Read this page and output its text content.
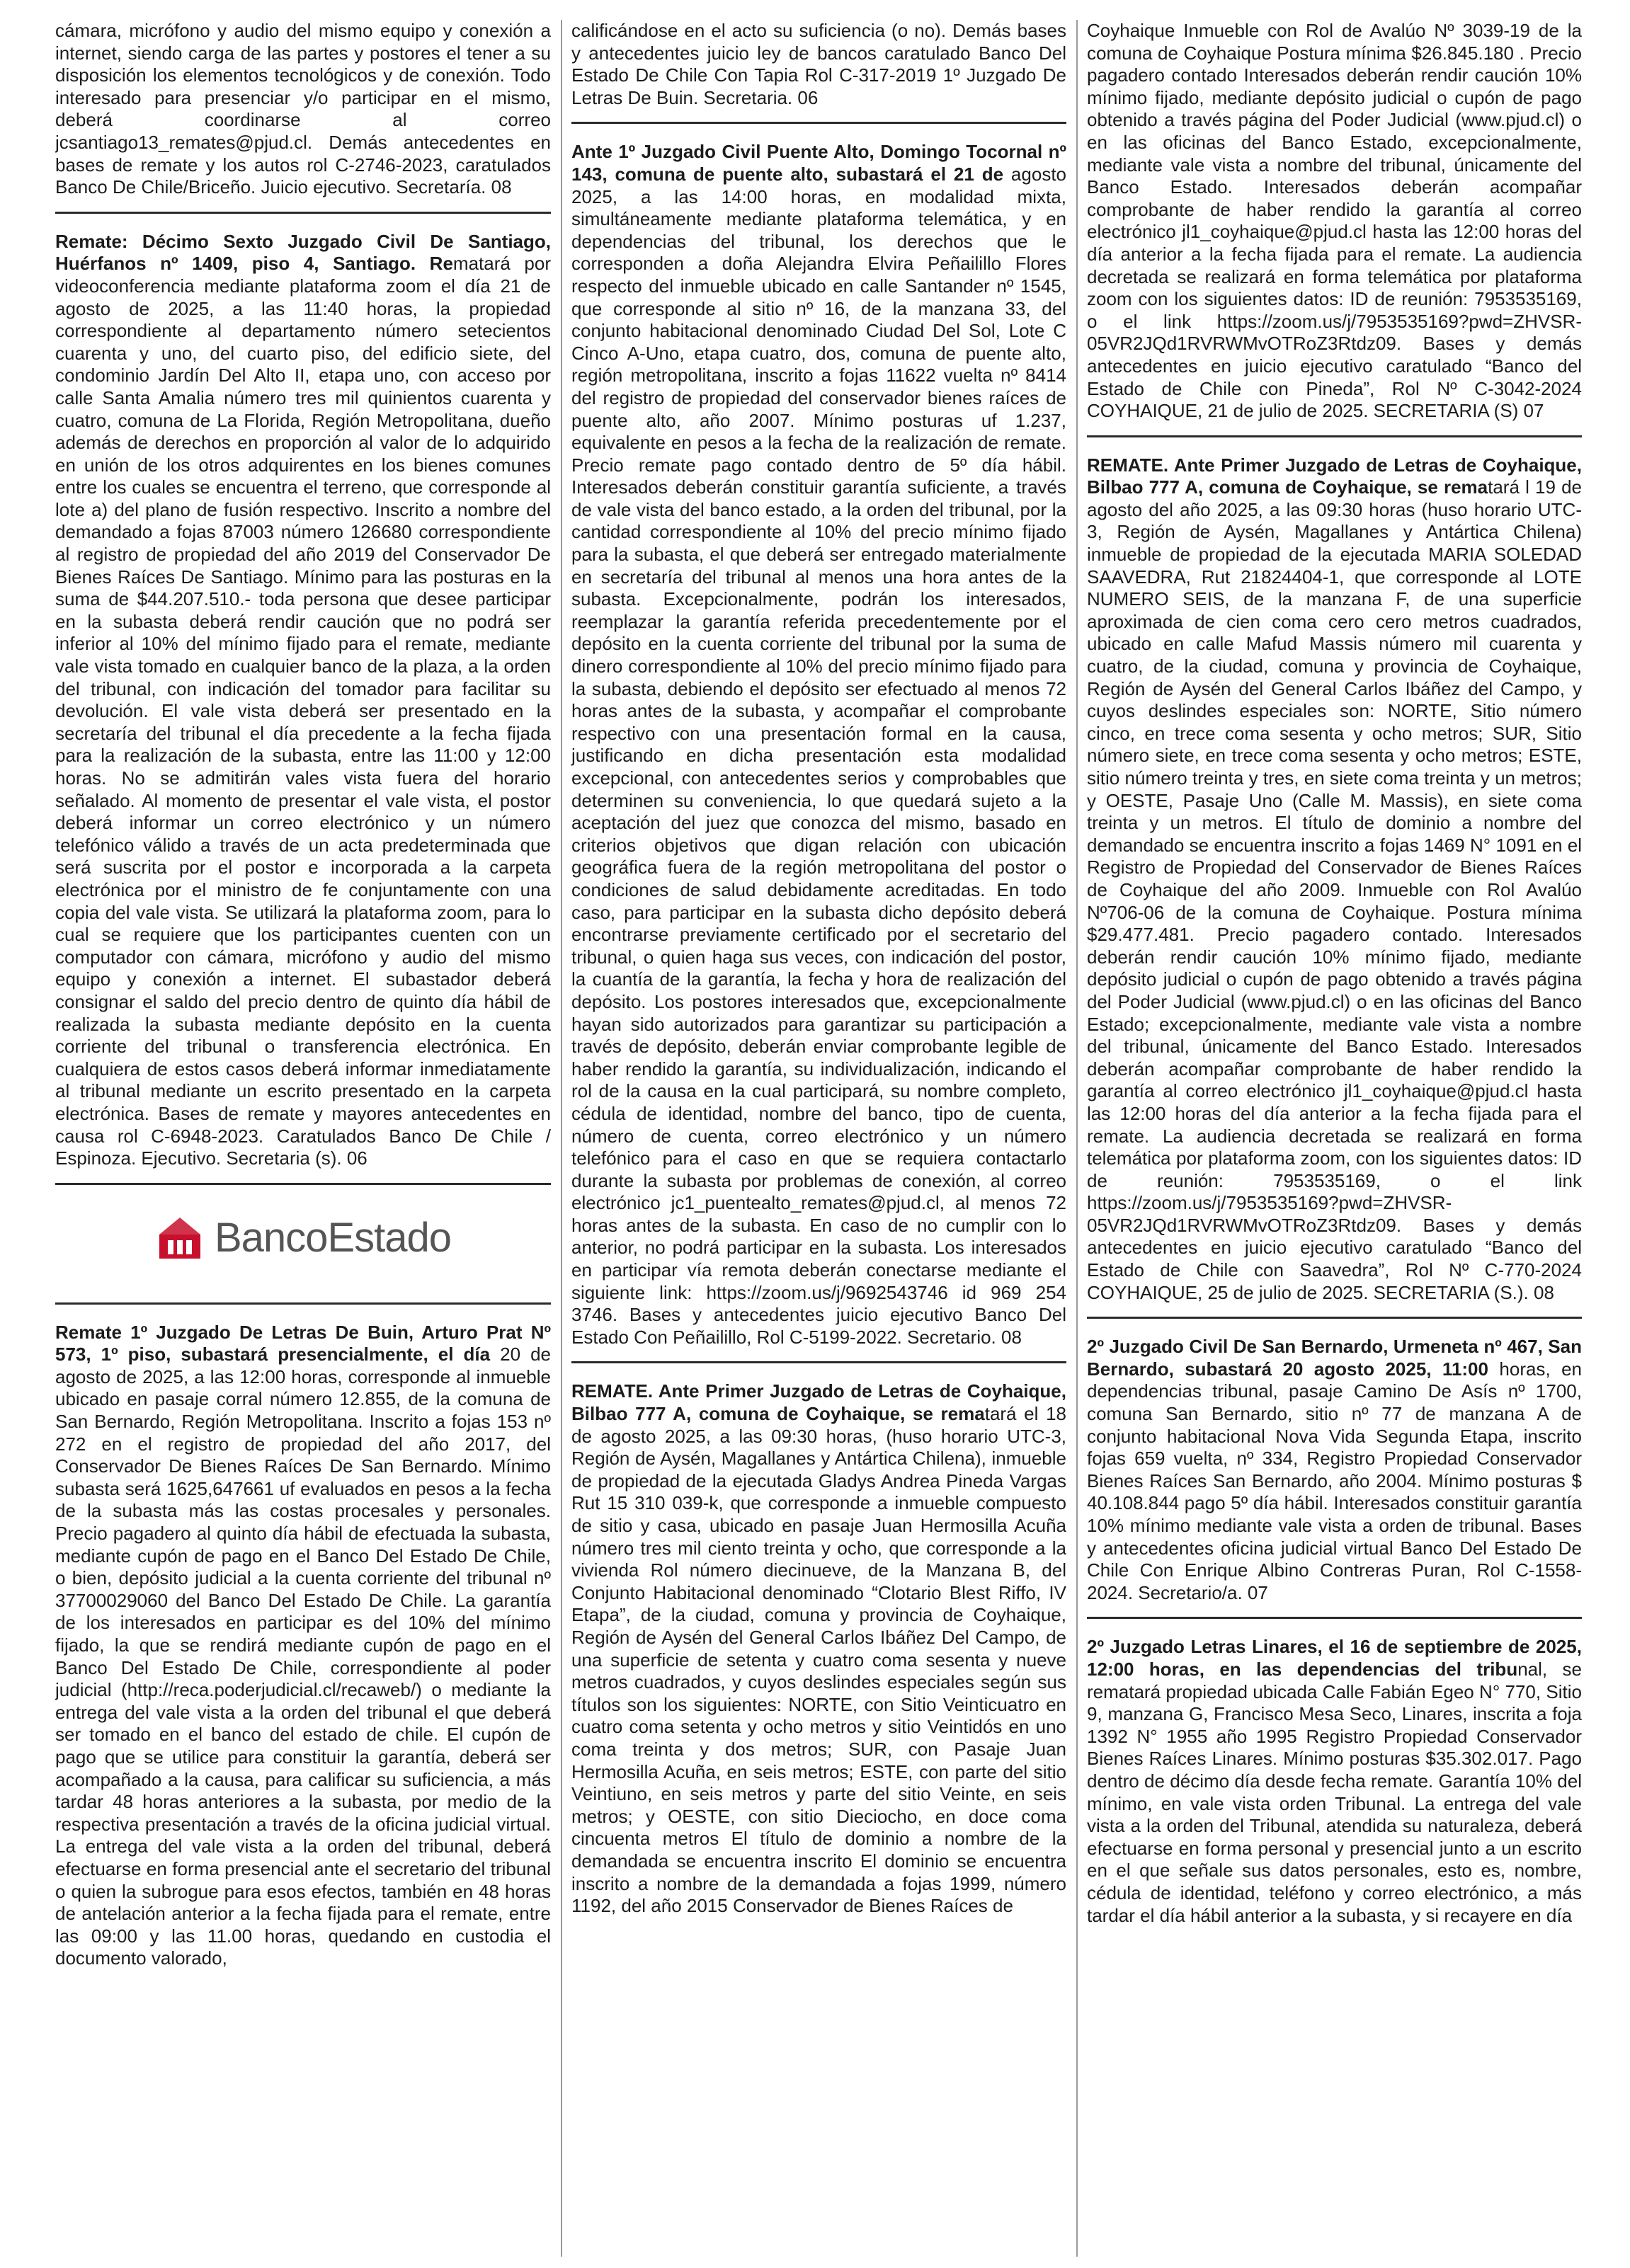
cámara, micrófono y audio del mismo equipo y conexión a internet, siendo carga de las partes y postores el tener a su disposición los elementos tecnológicos y de conexión. Todo interesado para presenciar y/o participar en el mismo, deberá coordinarse al correo jcsantiago13_remates@pjud.cl. Demás antecedentes en bases de remate y los autos rol C-2746-2023, caratulados Banco De Chile/Briceño. Juicio ejecutivo. Secretaría. 08

Remate: Décimo Sexto Juzgado Civil De Santiago, Huérfanos nº 1409, piso 4, Santiago. Rematará por videoconferencia mediante plataforma zoom el día 21 de agosto de 2025, a las 11:40 horas, la propiedad correspondiente al departamento número setecientos cuarenta y uno, del cuarto piso, del edificio siete, del condominio Jardín Del Alto II, etapa uno, con acceso por calle Santa Amalia número tres mil quinientos cuarenta y cuatro, comuna de La Florida, Región Metropolitana, dueño además de derechos en proporción al valor de lo adquirido en unión de los otros adquirentes en los bienes comunes entre los cuales se encuentra el terreno, que corresponde al lote a) del plano de fusión respectivo. Inscrito a nombre del demandado a fojas 87003 número 126680 correspondiente al registro de propiedad del año 2019 del Conservador De Bienes Raíces De Santiago. Mínimo para las posturas en la suma de $44.207.510.- toda persona que desee participar en la subasta deberá rendir caución que no podrá ser inferior al 10% del mínimo fijado para el remate, mediante vale vista tomado en cualquier banco de la plaza, a la orden del tribunal, con indicación del tomador para facilitar su devolución. El vale vista deberá ser presentado en la secretaría del tribunal el día precedente a la fecha fijada para la realización de la subasta, entre las 11:00 y 12:00 horas. No se admitirán vales vista fuera del horario señalado. Al momento de presentar el vale vista, el postor deberá informar un correo electrónico y un número telefónico válido a través de un acta predeterminada que será suscrita por el postor e incorporada a la carpeta electrónica por el ministro de fe conjuntamente con una copia del vale vista. Se utilizará la plataforma zoom, para lo cual se requiere que los participantes cuenten con un computador con cámara, micrófono y audio del mismo equipo y conexión a internet. El subastador deberá consignar el saldo del precio dentro de quinto día hábil de realizada la subasta mediante depósito en la cuenta corriente del tribunal o transferencia electrónica. En cualquiera de estos casos deberá informar inmediatamente al tribunal mediante un escrito presentado en la carpeta electrónica. Bases de remate y mayores antecedentes en causa rol C-6948-2023. Caratulados Banco De Chile / Espinoza. Ejecutivo. Secretaria (s). 06

BancoEstado

Remate 1º Juzgado De Letras De Buin, Arturo Prat Nº 573, 1º piso, subastará presencialmente, el día 20 de agosto de 2025, a las 12:00 horas, corresponde al inmueble ubicado en pasaje corral número 12.855, de la comuna de San Bernardo, Región Metropolitana. Inscrito a fojas 153 nº 272 en el registro de propiedad del año 2017, del Conservador De Bienes Raíces De San Bernardo. Mínimo subasta será 1625,647661 uf evaluados en pesos a la fecha de la subasta más las costas procesales y personales. Precio pagadero al quinto día hábil de efectuada la subasta, mediante cupón de pago en el Banco Del Estado De Chile, o bien, depósito judicial a la cuenta corriente del tribunal nº 37700029060 del Banco Del Estado De Chile. La garantía de los interesados en participar es del 10% del mínimo fijado, la que se rendirá mediante cupón de pago en el Banco Del Estado De Chile, correspondiente al poder judicial (http://reca.poderjudicial.cl/recaweb/) o mediante la entrega del vale vista a la orden del tribunal el que deberá ser tomado en el banco del estado de chile. El cupón de pago que se utilice para constituir la garantía, deberá ser acompañado a la causa, para calificar su suficiencia, a más tardar 48 horas anteriores a la subasta, por medio de la respectiva presentación a través de la oficina judicial virtual. La entrega del vale vista a la orden del tribunal, deberá efectuarse en forma presencial ante el secretario del tribunal o quien la subrogue para esos efectos, también en 48 horas de antelación anterior a la fecha fijada para el remate, entre las 09:00 y las 11.00 horas, quedando en custodia el documento valorado,

calificándose en el acto su suficiencia (o no). Demás bases y antecedentes juicio ley de bancos caratulado Banco Del Estado De Chile Con Tapia Rol C-317-2019 1º Juzgado De Letras De Buin. Secretaria. 06

Ante 1º Juzgado Civil Puente Alto, Domingo Tocornal nº 143, comuna de puente alto, subastará el 21 de agosto 2025, a las 14:00 horas, en modalidad mixta, simultáneamente mediante plataforma telemática, y en dependencias del tribunal, los derechos que le corresponden a doña Alejandra Elvira Peñailillo Flores respecto del inmueble ubicado en calle Santander nº 1545, que corresponde al sitio nº 16, de la manzana 33, del conjunto habitacional denominado Ciudad Del Sol, Lote C Cinco A-Uno, etapa cuatro, dos, comuna de puente alto, región metropolitana, inscrito a fojas 11622 vuelta nº 8414 del registro de propiedad del conservador bienes raíces de puente alto, año 2007. Mínimo posturas uf 1.237, equivalente en pesos a la fecha de la realización de remate. Precio remate pago contado dentro de 5º día hábil. Interesados deberán constituir garantía suficiente, a través de vale vista del banco estado, a la orden del tribunal, por la cantidad correspondiente al 10% del precio mínimo fijado para la subasta, el que deberá ser entregado materialmente en secretaría del tribunal al menos una hora antes de la subasta. Excepcionalmente, podrán los interesados, reemplazar la garantía referida precedentemente por el depósito en la cuenta corriente del tribunal por la suma de dinero correspondiente al 10% del precio mínimo fijado para la subasta, debiendo el depósito ser efectuado al menos 72 horas antes de la subasta, y acompañar el comprobante respectivo con una presentación formal en la causa, justificando en dicha presentación esta modalidad excepcional, con antecedentes serios y comprobables que determinen su conveniencia, lo que quedará sujeto a la aceptación del juez que conozca del mismo, basado en criterios objetivos que digan relación con ubicación geográfica fuera de la región metropolitana del postor o condiciones de salud debidamente acreditadas. En todo caso, para participar en la subasta dicho depósito deberá encontrarse previamente certificado por el secretario del tribunal, o quien haga sus veces, con indicación del postor, la cuantía de la garantía, la fecha y hora de realización del depósito. Los postores interesados que, excepcionalmente hayan sido autorizados para garantizar su participación a través de depósito, deberán enviar comprobante legible de haber rendido la garantía, su individualización, indicando el rol de la causa en la cual participará, su nombre completo, cédula de identidad, nombre del banco, tipo de cuenta, número de cuenta, correo electrónico y un número telefónico para el caso en que se requiera contactarlo durante la subasta por problemas de conexión, al correo electrónico jc1_puentealto_remates@pjud.cl, al menos 72 horas antes de la subasta. En caso de no cumplir con lo anterior, no podrá participar en la subasta. Los interesados en participar vía remota deberán conectarse mediante el siguiente link: https://zoom.us/j/9692543746 id 969 254 3746. Bases y antecedentes juicio ejecutivo Banco Del Estado Con Peñailillo, Rol C-5199-2022. Secretario. 08

REMATE. Ante Primer Juzgado de Letras de Coyhaique, Bilbao 777 A, comuna de Coyhaique, se rematará el 18 de agosto 2025, a las 09:30 horas, (huso horario UTC-3, Región de Aysén, Magallanes y Antártica Chilena), inmueble de propiedad de la ejecutada Gladys Andrea Pineda Vargas Rut 15 310 039-k, que corresponde a inmueble compuesto de sitio y casa, ubicado en pasaje Juan Hermosilla Acuña número tres mil ciento treinta y ocho, que corresponde a la vivienda Rol número diecinueve, de la Manzana B, del Conjunto Habitacional denominado “Clotario Blest Riffo, IV Etapa”, de la ciudad, comuna y provincia de Coyhaique, Región de Aysén del General Carlos Ibáñez Del Campo, de una superficie de setenta y cuatro coma sesenta y nueve metros cuadrados, y cuyos deslindes especiales según sus títulos son los siguientes: NORTE, con Sitio Veinticuatro en cuatro coma setenta y ocho metros y sitio Veintidós en uno coma treinta y dos metros; SUR, con Pasaje Juan Hermosilla Acuña, en seis metros; ESTE, con parte del sitio Veintiuno, en seis metros y parte del sitio Veinte, en seis metros; y OESTE, con sitio Dieciocho, en doce coma cincuenta metros El título de dominio a nombre de la demandada se encuentra inscrito El dominio se encuentra inscrito a nombre de la demandada a fojas 1999, número 1192, del año 2015 Conservador de Bienes Raíces de

Coyhaique Inmueble con Rol de Avalúo Nº 3039-19 de la comuna de Coyhaique Postura mínima $26.845.180 . Precio pagadero contado Interesados deberán rendir caución 10% mínimo fijado, mediante depósito judicial o cupón de pago obtenido a través página del Poder Judicial (www.pjud.cl) o en las oficinas del Banco Estado, excepcionalmente, mediante vale vista a nombre del tribunal, únicamente del Banco Estado. Interesados deberán acompañar comprobante de haber rendido la garantía al correo electrónico jl1_coyhaique@pjud.cl hasta las 12:00 horas del día anterior a la fecha fijada para el remate. La audiencia decretada se realizará en forma telemática por plataforma zoom con los siguientes datos: ID de reunión: 7953535169, o el link https://zoom.us/j/7953535169?pwd=ZHVSR-05VR2JQd1RVRWMvOTRoZ3Rtdz09. Bases y demás antecedentes en juicio ejecutivo caratulado “Banco del Estado de Chile con Pineda”, Rol Nº C-3042-2024 COYHAIQUE, 21 de julio de 2025. SECRETARIA (S) 07

REMATE. Ante Primer Juzgado de Letras de Coyhaique, Bilbao 777 A, comuna de Coyhaique, se rematará l 19 de agosto del año 2025, a las 09:30 horas (huso horario UTC-3, Región de Aysén, Magallanes y Antártica Chilena) inmueble de propiedad de la ejecutada MARIA SOLEDAD SAAVEDRA, Rut 21824404-1, que corresponde al LOTE NUMERO SEIS, de la manzana F, de una superficie aproximada de cien coma cero cero metros cuadrados, ubicado en calle Mafud Massis número mil cuarenta y cuatro, de la ciudad, comuna y provincia de Coyhaique, Región de Aysén del General Carlos Ibáñez del Campo, y cuyos deslindes especiales son: NORTE, Sitio número cinco, en trece coma sesenta y ocho metros; SUR, Sitio número siete, en trece coma sesenta y ocho metros; ESTE, sitio número treinta y tres, en siete coma treinta y un metros; y OESTE, Pasaje Uno (Calle M. Massis), en siete coma treinta y un metros. El título de dominio a nombre del demandado se encuentra inscrito a fojas 1469 N° 1091 en el Registro de Propiedad del Conservador de Bienes Raíces de Coyhaique del año 2009. Inmueble con Rol Avalúo Nº706-06 de la comuna de Coyhaique. Postura mínima $29.477.481. Precio pagadero contado. Interesados deberán rendir caución 10% mínimo fijado, mediante depósito judicial o cupón de pago obtenido a través página del Poder Judicial (www.pjud.cl) o en las oficinas del Banco Estado; excepcionalmente, mediante vale vista a nombre del tribunal, únicamente del Banco Estado. Interesados deberán acompañar comprobante de haber rendido la garantía al correo electrónico jl1_coyhaique@pjud.cl hasta las 12:00 horas del día anterior a la fecha fijada para el remate. La audiencia decretada se realizará en forma telemática por plataforma zoom, con los siguientes datos: ID de reunión: 7953535169, o el link https://zoom.us/j/7953535169?pwd=ZHVSR-05VR2JQd1RVRWMvOTRoZ3Rtdz09. Bases y demás antecedentes en juicio ejecutivo caratulado “Banco del Estado de Chile con Saavedra”, Rol Nº C-770-2024 COYHAIQUE, 25 de julio de 2025. SECRETARIA (S.). 08

2º Juzgado Civil De San Bernardo, Urmeneta nº 467, San Bernardo, subastará 20 agosto 2025, 11:00 horas, en dependencias tribunal, pasaje Camino De Asís nº 1700, comuna San Bernardo, sitio nº 77 de manzana A de conjunto habitacional Nova Vida Segunda Etapa, inscrito fojas 659 vuelta, nº 334, Registro Propiedad Conservador Bienes Raíces San Bernardo, año 2004. Mínimo posturas $ 40.108.844 pago 5º día hábil. Interesados constituir garantía 10% mínimo mediante vale vista a orden de tribunal. Bases y antecedentes oficina judicial virtual Banco Del Estado De Chile Con Enrique Albino Contreras Puran, Rol C-1558-2024. Secretario/a. 07

2º Juzgado Letras Linares, el 16 de septiembre de 2025, 12:00 horas, en las dependencias del tribunal, se rematará propiedad ubicada Calle Fabián Egeo N° 770, Sitio 9, manzana G, Francisco Mesa Seco, Linares, inscrita a foja 1392 N° 1955 año 1995 Registro Propiedad Conservador Bienes Raíces Linares. Mínimo posturas $35.302.017. Pago dentro de décimo día desde fecha remate. Garantía 10% del mínimo, en vale vista orden Tribunal. La entrega del vale vista a la orden del Tribunal, atendida su naturaleza, deberá efectuarse en forma personal y presencial junto a un escrito en el que señale sus datos personales, esto es, nombre, cédula de identidad, teléfono y correo electrónico, a más tardar el día hábil anterior a la subasta, y si recayere en día
